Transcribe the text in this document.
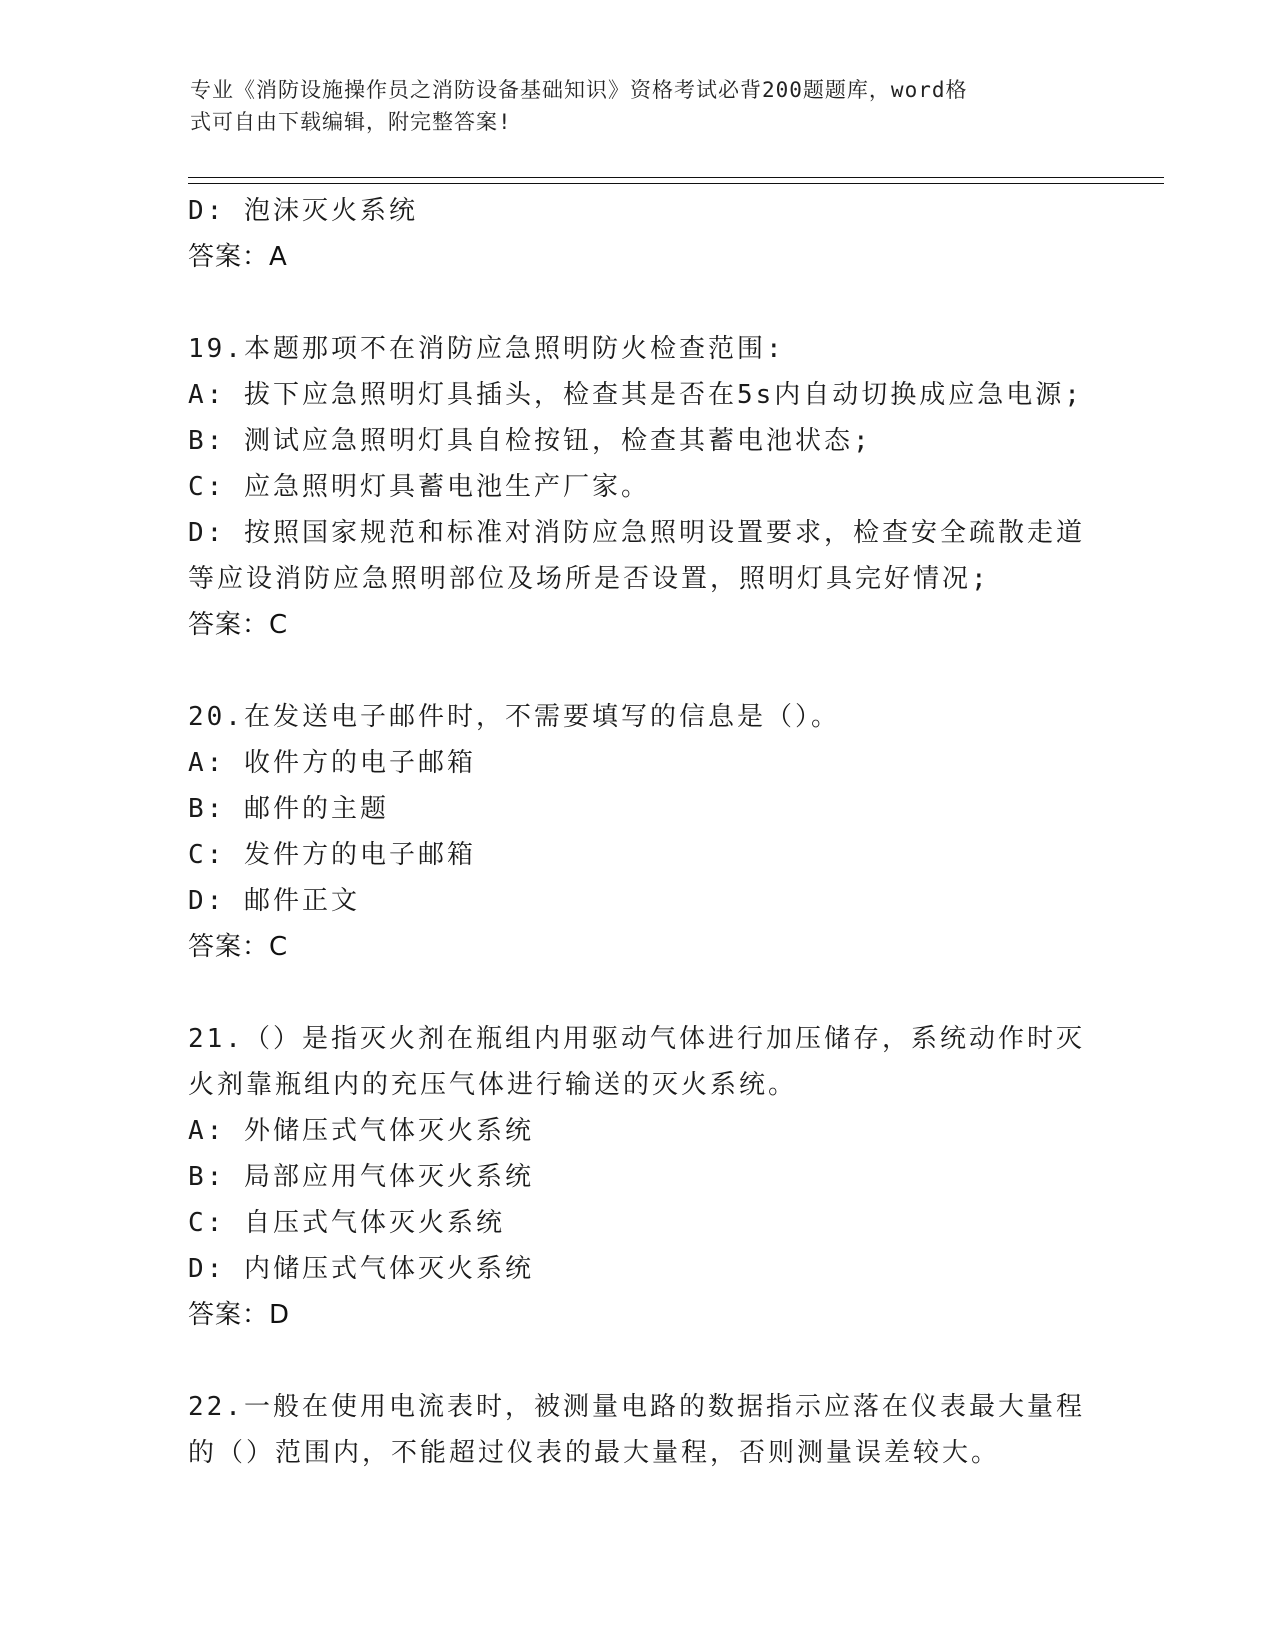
专业《消防设施操作员之消防设备基础知识》资格考试必背200题题库，word格
式可自由下载编辑，附完整答案!
D: 泡沫灭火系统
答案：A
19.本题那项不在消防应急照明防火检查范围:
A: 拔下应急照明灯具插头，检查其是否在5s内自动切换成应急电源;
B: 测试应急照明灯具自检按钮，检查其蓄电池状态;
C: 应急照明灯具蓄电池生产厂家。
D: 按照国家规范和标准对消防应急照明设置要求，检查安全疏散走道
等应设消防应急照明部位及场所是否设置，照明灯具完好情况;
答案：C
20.在发送电子邮件时，不需要填写的信息是（）。
A: 收件方的电子邮箱
B: 邮件的主题
C: 发件方的电子邮箱
D: 邮件正文
答案：C
21.（）是指灭火剂在瓶组内用驱动气体进行加压储存，系统动作时灭
火剂靠瓶组内的充压气体进行输送的灭火系统。
A: 外储压式气体灭火系统
B: 局部应用气体灭火系统
C: 自压式气体灭火系统
D: 内储压式气体灭火系统
答案：D
22.一般在使用电流表时，被测量电路的数据指示应落在仪表最大量程
的（）范围内，不能超过仪表的最大量程，否则测量误差较大。
